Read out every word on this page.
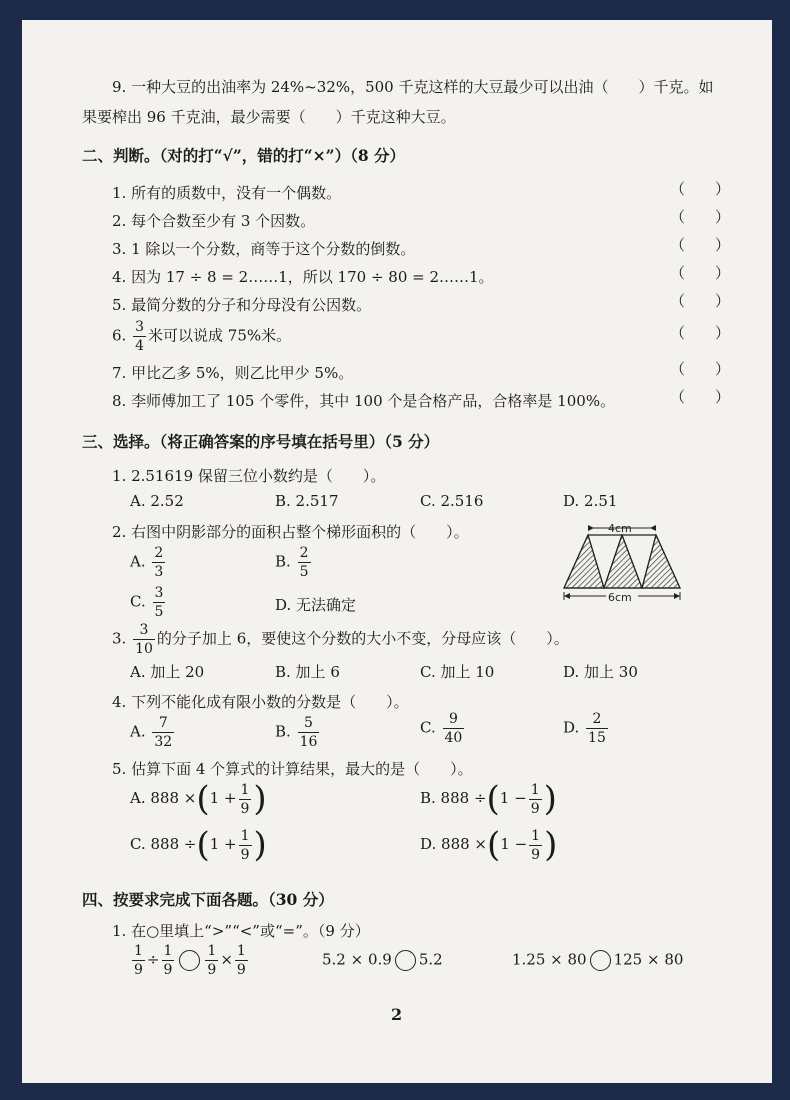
9. 一种大豆的出油率为 24%~32%，500 千克这样的大豆最少可以出油（　　）千克。如
果要榨出 96 千克油，最少需要（　　）千克这种大豆。
二、判断。（对的打“√”，错的打“×”）（8 分）
1. 所有的质数中，没有一个偶数。	（　　）
2. 每个合数至少有 3 个因数。	（　　）
3. 1 除以一个分数，商等于这个分数的倒数。	（　　）
4. 因为 17 ÷ 8 = 2……1，所以 170 ÷ 80 = 2……1。	（　　）
5. 最简分数的分子和分母没有公因数。	（　　）
6. $\frac{3}{4}$ 米可以说成 75%米。	（　　）
7. 甲比乙多 5%，则乙比甲少 5%。	（　　）
8. 李师傅加工了 105 个零件，其中 100 个是合格产品，合格率是 100%。	（　　）
三、选择。（将正确答案的序号填在括号里）（5 分）
1. 2.51619 保留三位小数约是（　　）。
A. 2.52	B. 2.517	C. 2.516	D. 2.51
2. 右图中阴影部分的面积占整个梯形面积的（　　）。
A. $\frac{2}{3}$	B. $\frac{2}{5}$
C. $\frac{3}{5}$	D. 无法确定
4cm
6cm
3. $\frac{3}{10}$ 的分子加上 6，要使这个分数的大小不变，分母应该（　　）。
A. 加上 20	B. 加上 6	C. 加上 10	D. 加上 30
4. 下列不能化成有限小数的分数是（　　）。
A. $\frac{7}{32}$	B. $\frac{5}{16}$	C. $\frac{9}{40}$	D. $\frac{2}{15}$
5. 估算下面 4 个算式的计算结果，最大的是（　　）。
A. $888 \times(1 + \frac{1}{9}$ )	B. $888 \div(1 - \frac{1}{9}$ )
C. $888 \div(1 + \frac{1}{9}$ )	D. $888 \times(1 - \frac{1}{9}$ )
四、按要求完成下面各题。（30 分）
1. 在○里填上“>”“<”或“=”。（9 分）
$\frac{1}{9} \div \frac{1}{9} \frac{1}{9} \times \frac{1}{9}$	5.2 × 0.9 5.2	1.25 × 80 125 × 80
2
